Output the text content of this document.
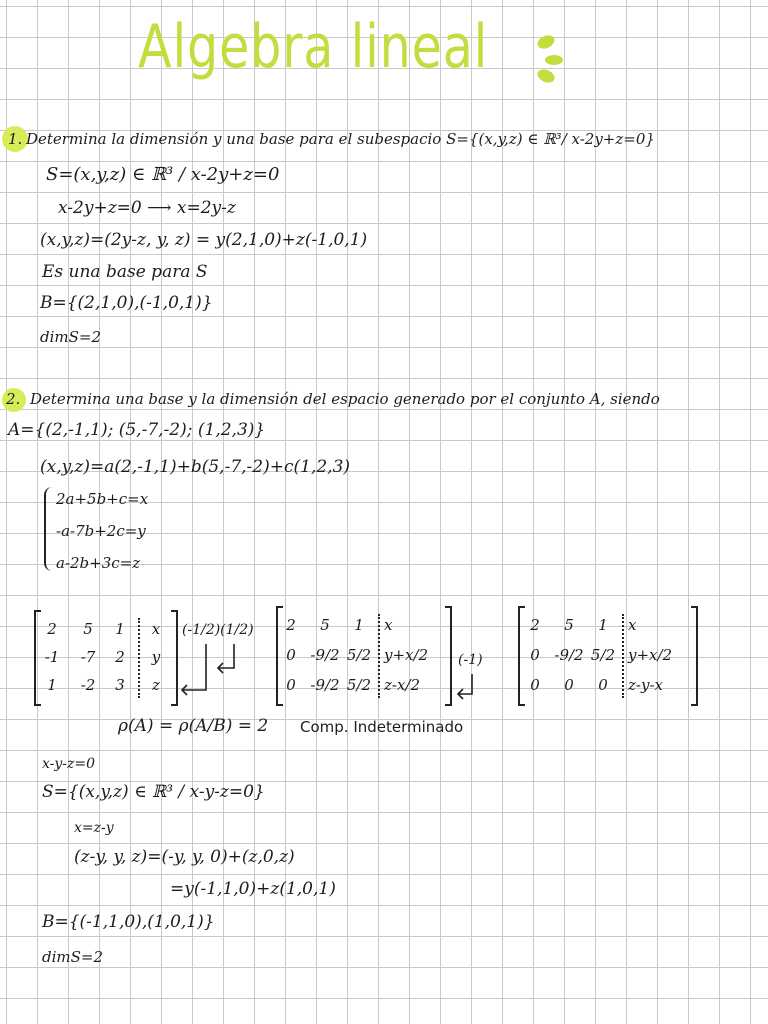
Algebra lineal
1. Determina la dimensión y una base para el subespacio S={(x,y,z) ∈ ℝ³/ x-2y+z=0}
S=(x,y,z) ∈ ℝ³ / x-2y+z=0
x-2y+z=0 ⟶ x=2y-z
(x,y,z)=(2y-z, y, z) = y(2,1,0)+z(-1,0,1)
Es una base para S
B={(2,1,0),(-1,0,1)}
dimS=2
2. Determina una base y la dimensión del espacio generado por el conjunto A, siendo
A={(2,-1,1); (5,-7,-2); (1,2,3)}
(x,y,z)=a(2,-1,1)+b(5,-7,-2)+c(1,2,3)
2a+5b+c=x
-a-7b+2c=y
a-2b+3c=z
2	5	1	x
-1	-7	2	y
1	-2	3	z
(-1/2)(1/2)	2	5	1	x
0 -9/2 5/2 y+x/2
0 -9/2 5/2 z-x/2
(-1)
2	5	1	x
0 -9/2 5/2 y+x/2
0	0	0	z-y-x
ρ(A) = ρ(A/B) = 2 Comp. Indeterminado
x-y-z=0
S={(x,y,z) ∈ ℝ³ / x-y-z=0}
x=z-y
(z-y, y, z)=(-y, y, 0)+(z,0,z)
=y(-1,1,0)+z(1,0,1)
B={(-1,1,0),(1,0,1)}
dimS=2
